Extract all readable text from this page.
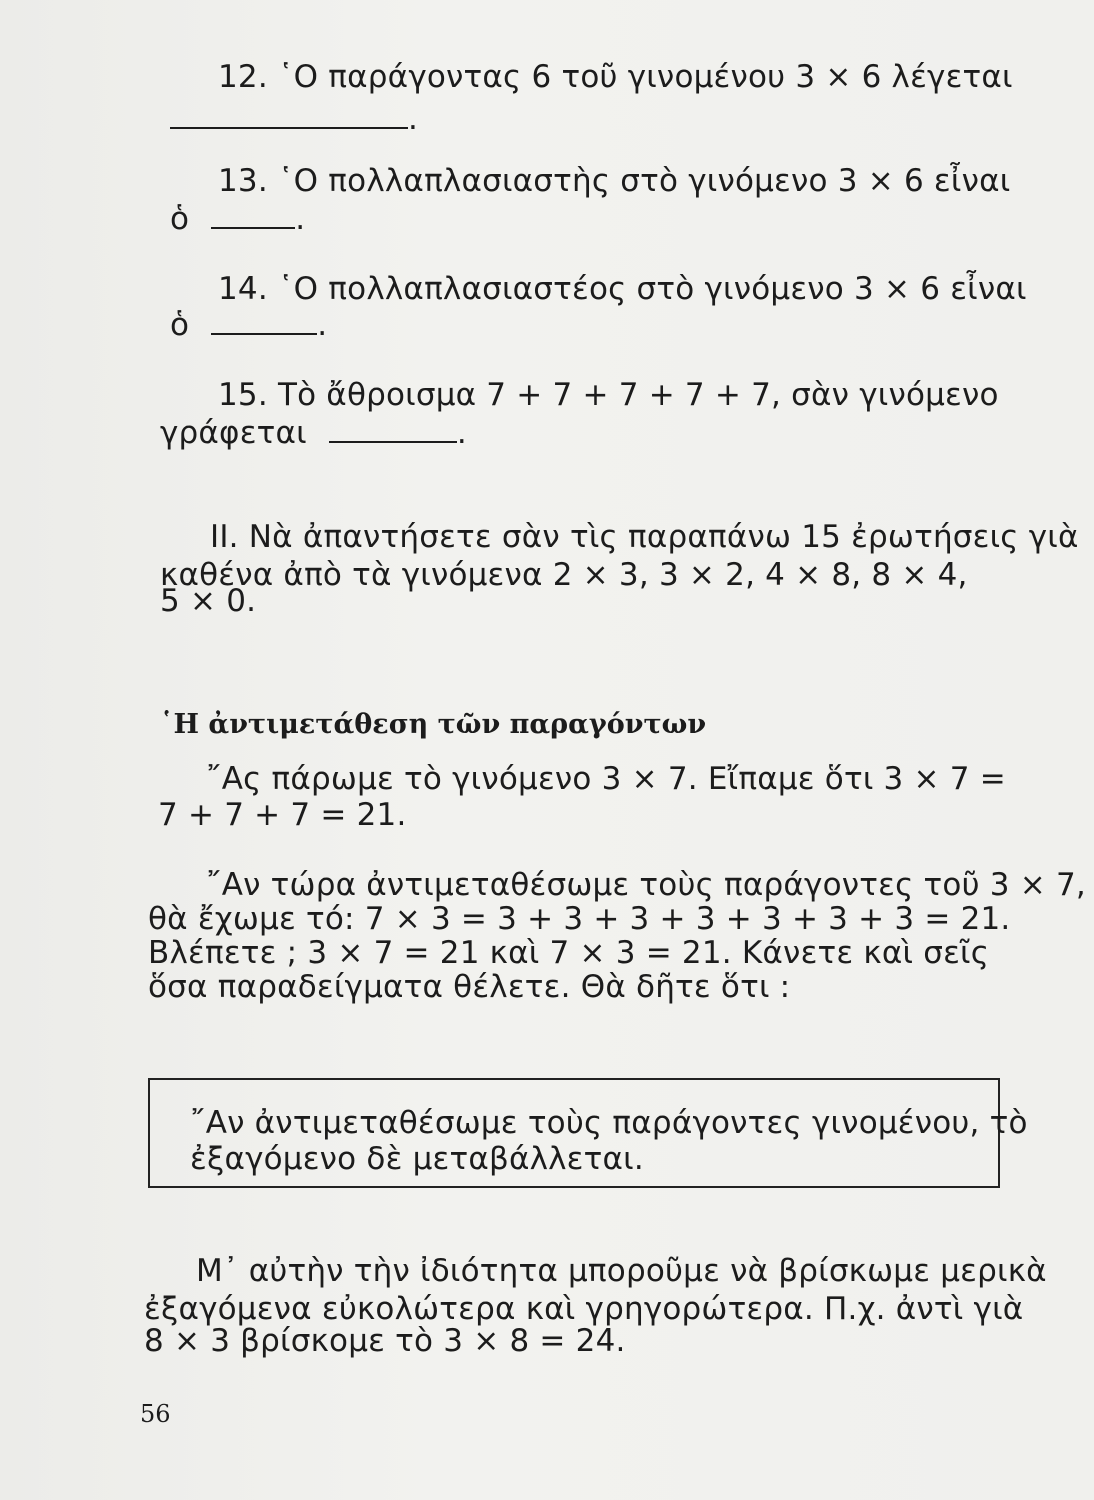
12. ῾Ο παράγοντας 6 τοῦ γινομένου 3 × 6 λέγεται
.
13. ῾Ο πολλαπλασιαστὴς στὸ γινόμενο 3 × 6 εἶναι
ὁ	.
14. ῾Ο πολλαπλασιαστέος στὸ γινόμενο 3 × 6 εἶναι
ὁ	.
15. Τὸ ἄθροισμα 7 + 7 + 7 + 7 + 7, σὰν γινόμενο
γράφεται	.
ΙΙ. Νὰ ἀπαντήσετε σὰν τὶς παραπάνω 15 ἐρωτήσεις γιὰ
καθένα ἀπὸ τὰ γινόμενα 2 × 3, 3 × 2, 4 × 8, 8 × 4,
5 × 0.
῾Η ἀντιμετάθεση τῶν παραγόντων
῎Ας πάρωμε τὸ γινόμενο 3 × 7. Εἴπαμε ὅτι 3 × 7 =
7 + 7 + 7 = 21.
῎Αν τώρα ἀντιμεταθέσωμε τοὺς παράγοντες τοῦ 3 × 7,
θὰ ἔχωμε τό: 7 × 3 = 3 + 3 + 3 + 3 + 3 + 3 + 3 = 21.
Βλέπετε ; 3 × 7 = 21 καὶ 7 × 3 = 21. Κάνετε καὶ σεῖς
ὅσα παραδείγματα θέλετε. Θὰ δῆτε ὅτι :
῎Αν ἀντιμεταθέσωμε τοὺς παράγοντες γινομένου, τὸ
ἐξαγόμενο δὲ μεταβάλλεται.
Μ᾽ αὐτὴν τὴν ἰδιότητα μποροῦμε νὰ βρίσκωμε μερικὰ
ἐξαγόμενα εὐκολώτερα καὶ γρηγορώτερα. Π.χ. ἀντὶ γιὰ
8 × 3 βρίσκομε τὸ 3 × 8 = 24.
56
